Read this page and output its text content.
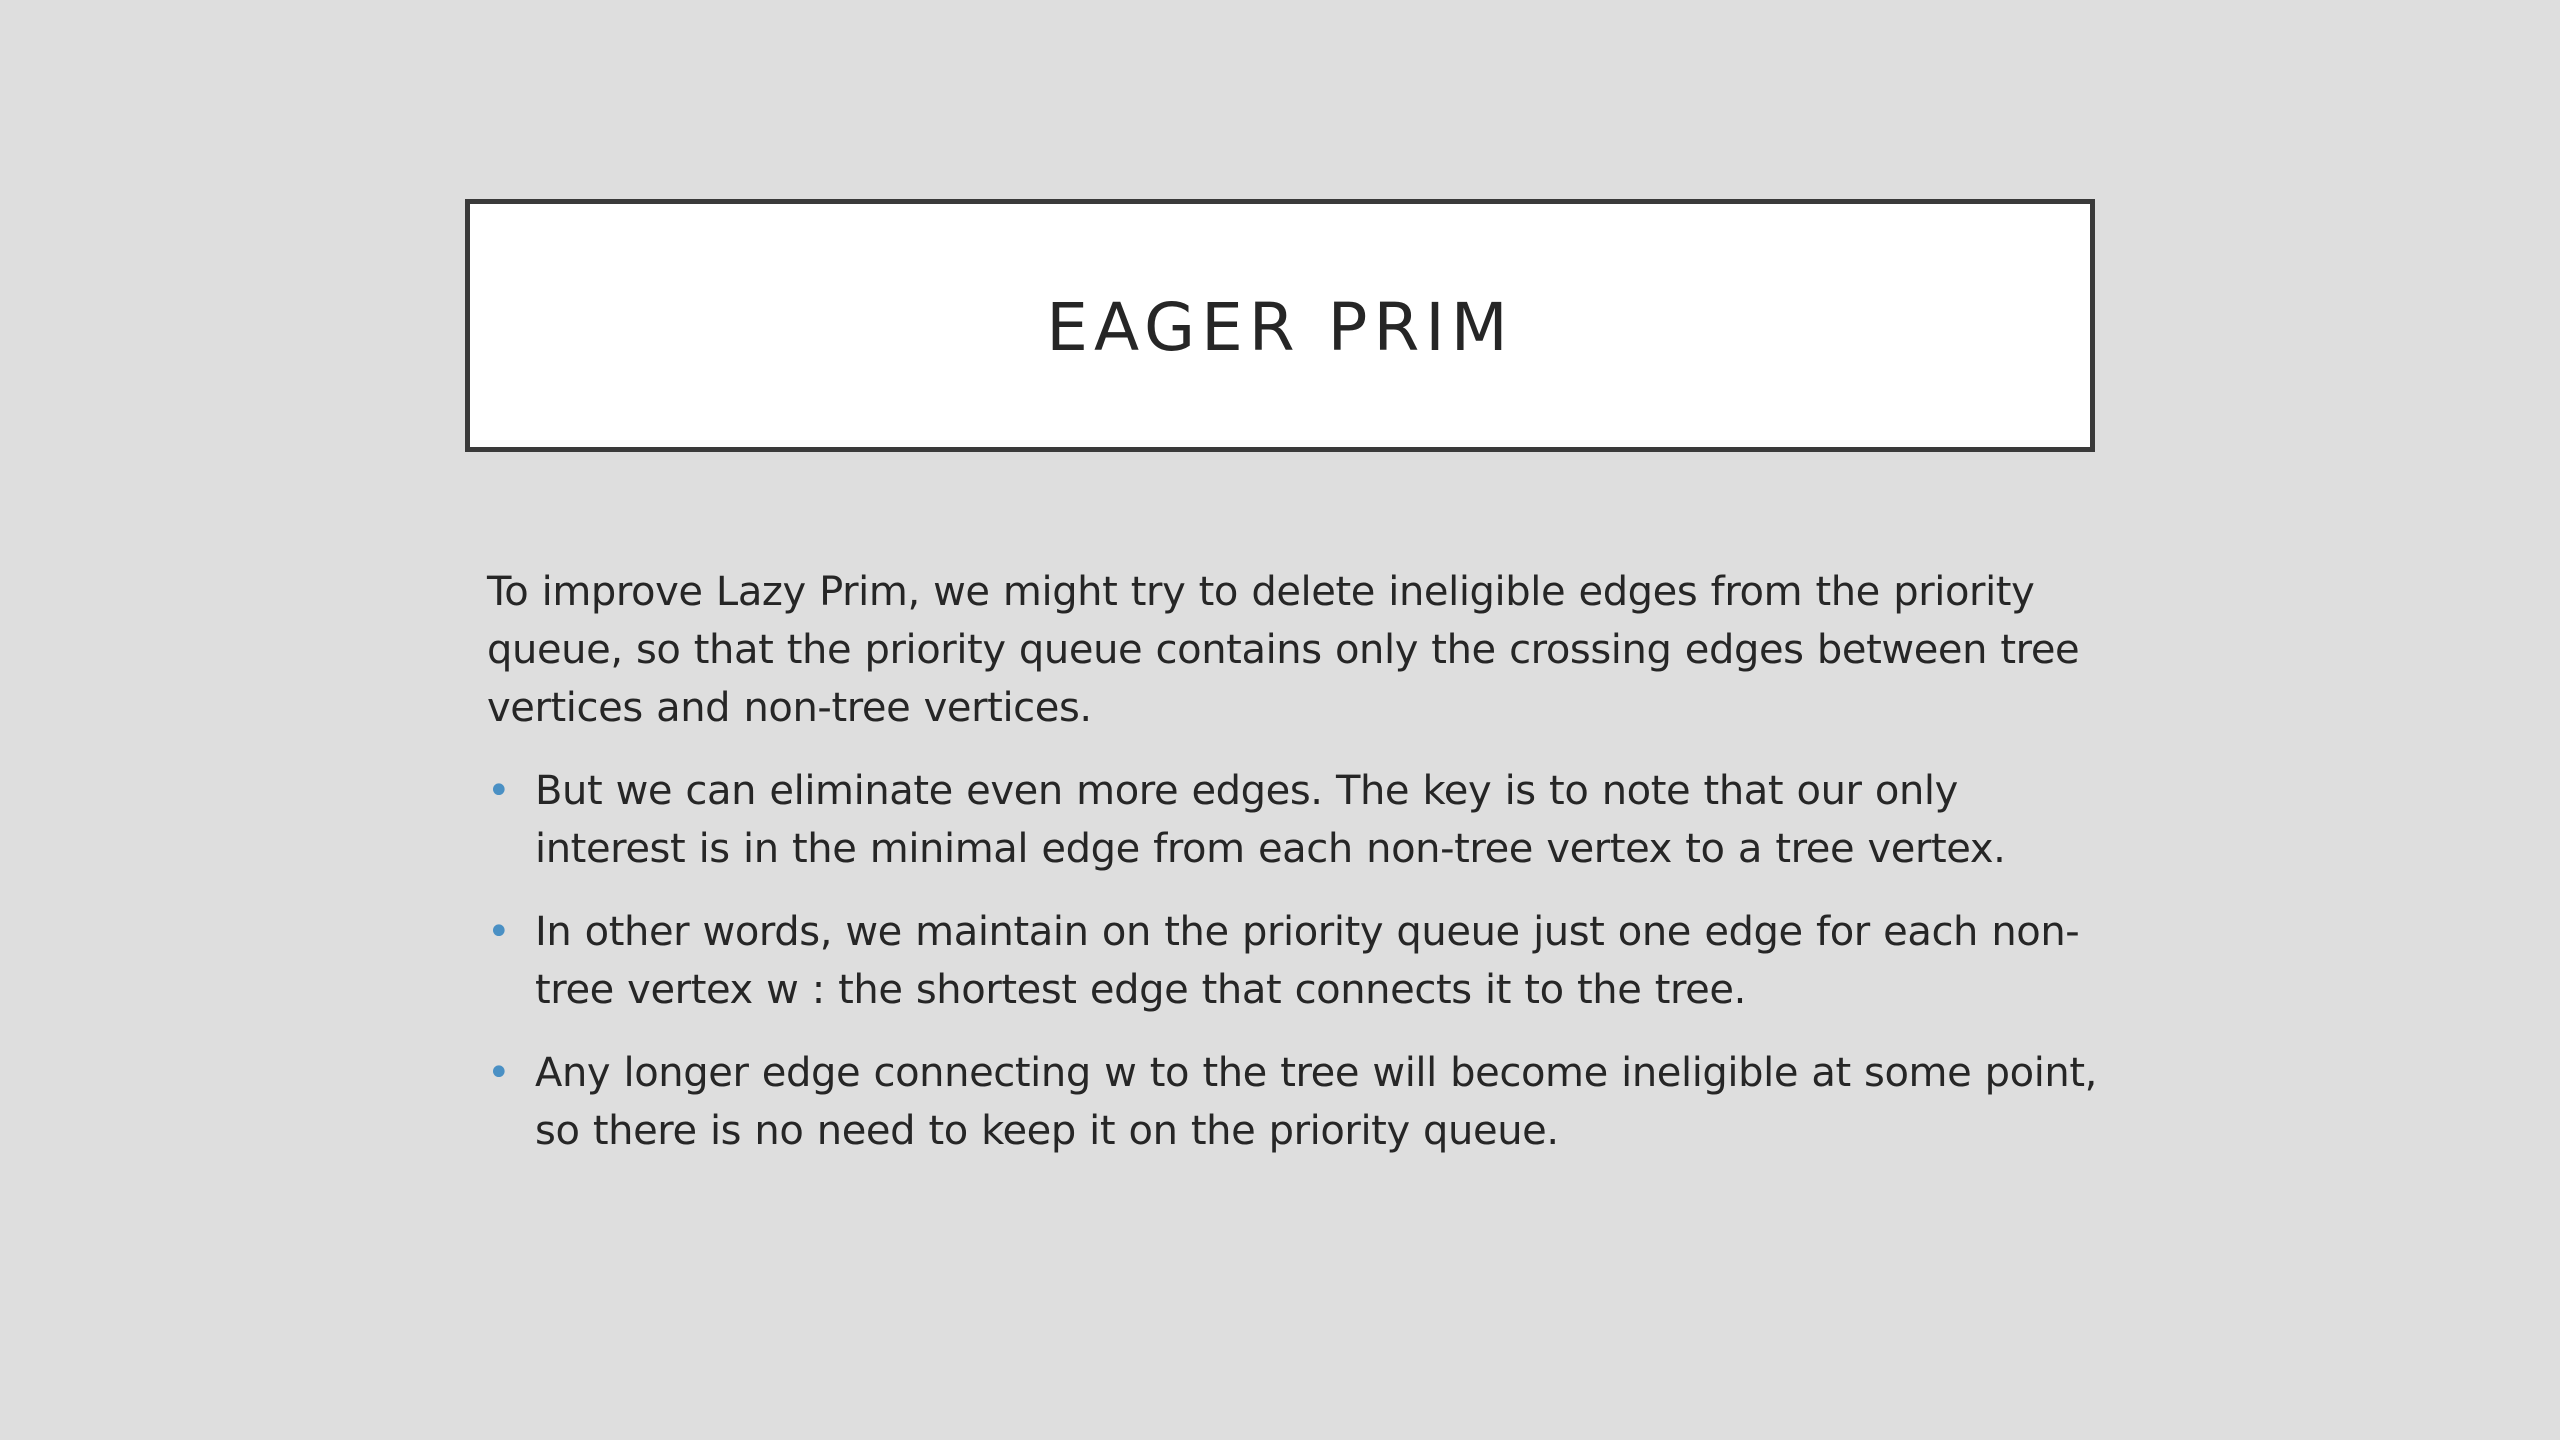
EAGER PRIM

To improve Lazy Prim, we might try to delete ineligible edges from the priority queue, so that the priority queue contains only the crossing edges between tree vertices and non-tree vertices.

• But we can eliminate even more edges. The key is to note that our only interest is in the minimal edge from each non-tree vertex to a tree vertex.
• In other words, we maintain on the priority queue just one edge for each non-tree vertex w : the shortest edge that connects it to the tree.
• Any longer edge connecting w to the tree will become ineligible at some point, so there is no need to keep it on the priority queue.
